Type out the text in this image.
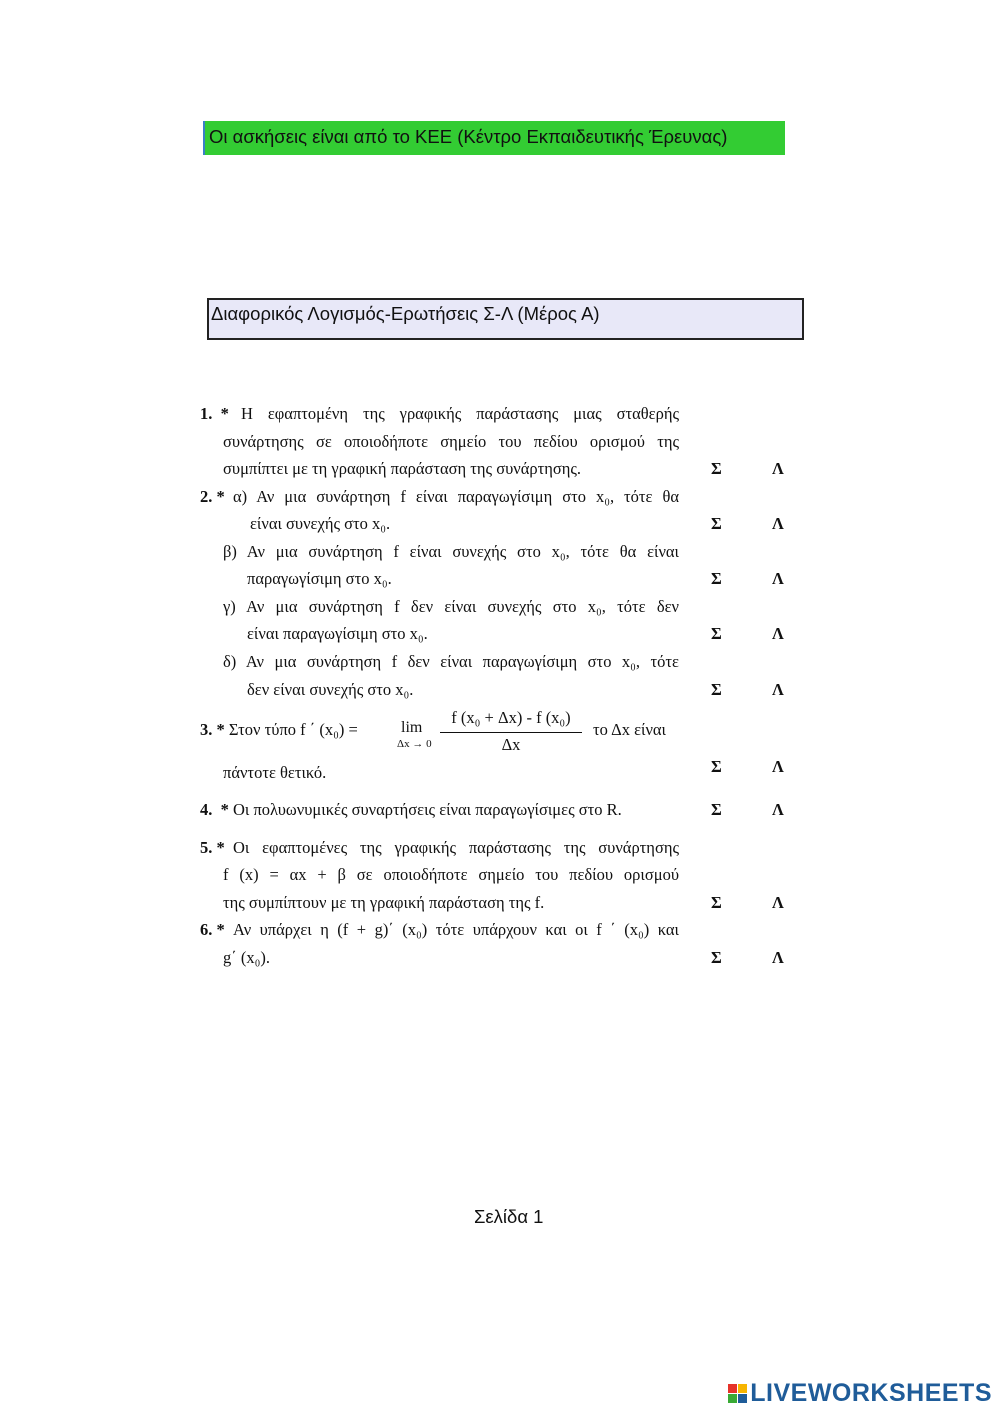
Οι ασκήσεις είναι από το ΚΕΕ (Κέντρο Εκπαιδευτικής Έρευνας)
Διαφορικός Λογισμός-Ερωτήσεις Σ-Λ (Μέρος Α)
1. * Η εφαπτομένη της γραφικής παράστασης μιας σταθερής
συνάρτησης σε οποιοδήποτε σημείο του πεδίου ορισμού της
συμπίπτει με τη γραφική παράσταση της συνάρτησης.	Σ	Λ
2. * α) Αν μια συνάρτηση f είναι παραγωγίσιμη στο x₀, τότε θα
είναι συνεχής στο x₀.	Σ	Λ
β) Αν μια συνάρτηση f είναι συνεχής στο x₀, τότε θα είναι
παραγωγίσιμη στο x₀.	Σ	Λ
γ) Αν μια συνάρτηση f δεν είναι συνεχής στο x₀, τότε δεν
είναι παραγωγίσιμη στο x₀.	Σ	Λ
δ) Αν μια συνάρτηση f δεν είναι παραγωγίσιμη στο x₀, τότε
δεν είναι συνεχής στο x₀.	Σ	Λ
3. * Στον τύπο f ΄ (x₀) =	lim
Δx → 0
f (x₀ + Δx) - f (x₀)
Δx
το Δx είναι
πάντοτε θετικό.	Σ	Λ
4. * Οι πολυωνυμικές συναρτήσεις είναι παραγωγίσιμες στο R.	Σ	Λ
5. * Οι εφαπτομένες της γραφικής παράστασης της συνάρτησης
f (x) = αx + β σε οποιοδήποτε σημείο του πεδίου ορισμού
της συμπίπτουν με τη γραφική παράσταση της f.	Σ	Λ
6. * Αν υπάρχει η (f + g)΄ (x₀) τότε υπάρχουν και οι f ΄ (x₀) και
g΄ (x₀).	Σ	Λ
Σελίδα 1
LIVEWORKSHEETS
